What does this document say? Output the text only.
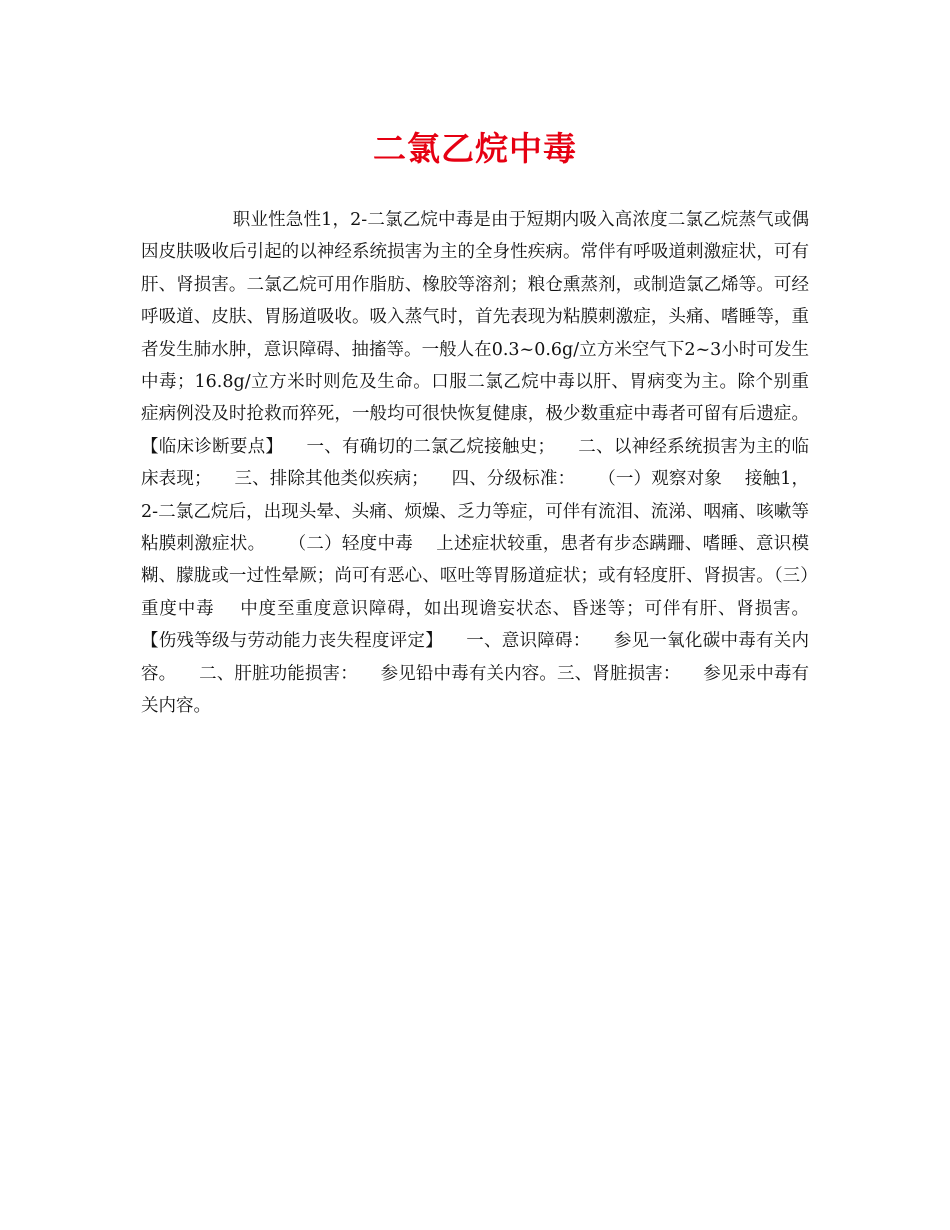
二氯乙烷中毒

职业性急性1，2-二氯乙烷中毒是由于短期内吸入高浓度二氯乙烷蒸气或偶因皮肤吸收后引起的以神经系统损害为主的全身性疾病。常伴有呼吸道刺激症状，可有肝、肾损害。二氯乙烷可用作脂肪、橡胶等溶剂；粮仓熏蒸剂，或制造氯乙烯等。可经呼吸道、皮肤、胃肠道吸收。吸入蒸气时，首先表现为粘膜刺激症，头痛、嗜睡等，重者发生肺水肿，意识障碍、抽搐等。一般人在0.3~0.6g/立方米空气下2~3小时可发生中毒；16.8g/立方米时则危及生命。口服二氯乙烷中毒以肝、胃病变为主。除个别重症病例没及时抢救而猝死，一般均可很快恢复健康，极少数重症中毒者可留有后遗症。    【临床诊断要点】    一、有确切的二氯乙烷接触史；    二、以神经系统损害为主的临床表现；    三、排除其他类似疾病；    四、分级标准：    （一）观察对象    接触1，2-二氯乙烷后，出现头晕、头痛、烦燥、乏力等症，可伴有流泪、流涕、咽痛、咳嗽等粘膜刺激症状。    （二）轻度中毒    上述症状较重，患者有步态蹒跚、嗜睡、意识模糊、朦胧或一过性晕厥；尚可有恶心、呕吐等胃肠道症状；或有轻度肝、肾损害。（三）重度中毒    中度至重度意识障碍，如出现谵妄状态、昏迷等；可伴有肝、肾损害。    【伤残等级与劳动能力丧失程度评定】    一、意识障碍：    参见一氧化碳中毒有关内容。    二、肝脏功能损害：    参见铅中毒有关内容。三、肾脏损害：    参见汞中毒有关内容。
